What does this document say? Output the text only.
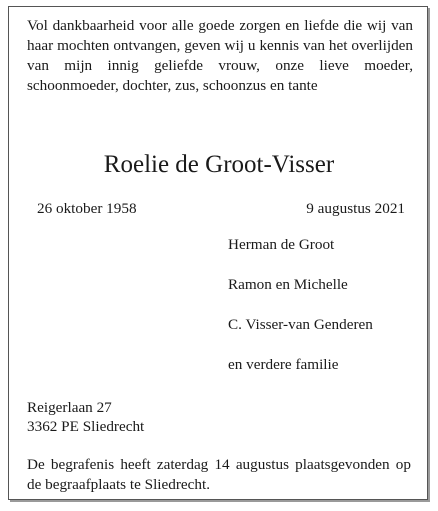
Vol dankbaarheid voor alle goede zorgen en liefde die wij van haar mochten ontvangen, geven wij u kennis van het overlijden van mijn innig geliefde vrouw, onze lieve moeder, schoonmoeder, dochter, zus, schoonzus en tante

Roelie de Groot-Visser
26 oktober 1958	9 augustus 2021
Herman de Groot
Ramon en Michelle
C. Visser-van Genderen
en verdere familie
Reigerlaan 27
3362 PE Sliedrecht

De begrafenis heeft zaterdag 14 augustus plaatsgevonden op de begraafplaats te Sliedrecht.
